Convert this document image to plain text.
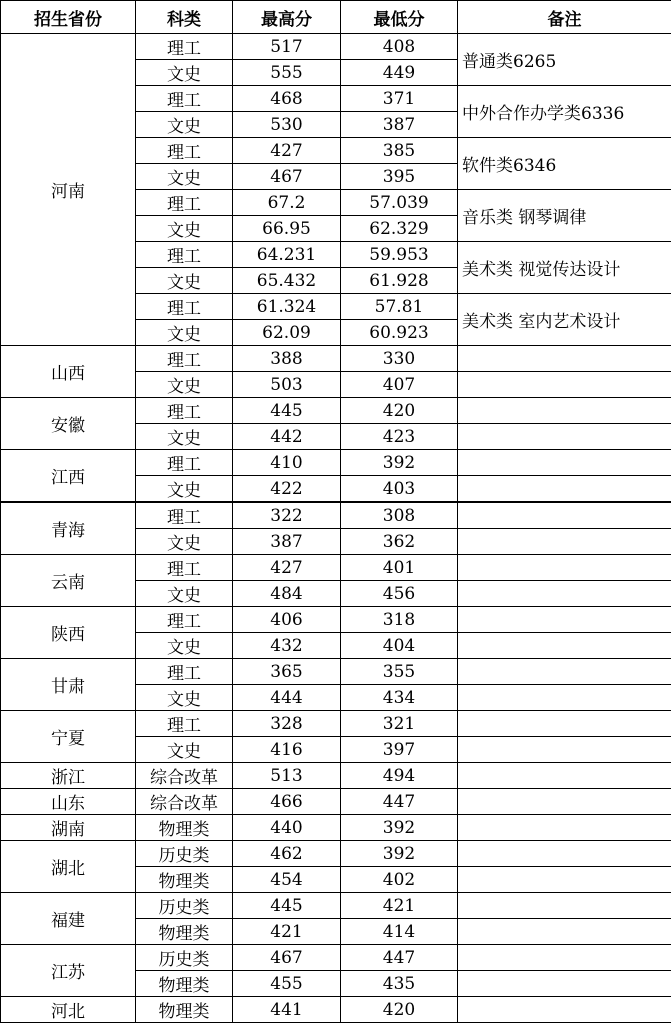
招生省份	科类	最高分	最低分	备注
河南	理工	517	408	普通类6265
	文史	555	449	
	理工	468	371	中外合作办学类6336
	文史	530	387	
	理工	427	385	软件类6346
	文史	467	395	
	理工	67.2	57.039	音乐类 钢琴调律
	文史	66.95	62.329	
	理工	64.231	59.953	美术类 视觉传达设计
	文史	65.432	61.928	
	理工	61.324	57.81	美术类 室内艺术设计
	文史	62.09	60.923	
山西	理工	388	330	
	文史	503	407	
安徽	理工	445	420	
	文史	442	423	
江西	理工	410	392	
	文史	422	403	
青海	理工	322	308	
	文史	387	362	
云南	理工	427	401	
	文史	484	456	
陕西	理工	406	318	
	文史	432	404	
甘肃	理工	365	355	
	文史	444	434	
宁夏	理工	328	321	
	文史	416	397	
浙江	综合改革	513	494	
山东	综合改革	466	447	
湖南	物理类	440	392	
湖北	历史类	462	392	
	物理类	454	402	
福建	历史类	445	421	
	物理类	421	414	
江苏	历史类	467	447	
	物理类	455	435	
河北	物理类	441	420	
